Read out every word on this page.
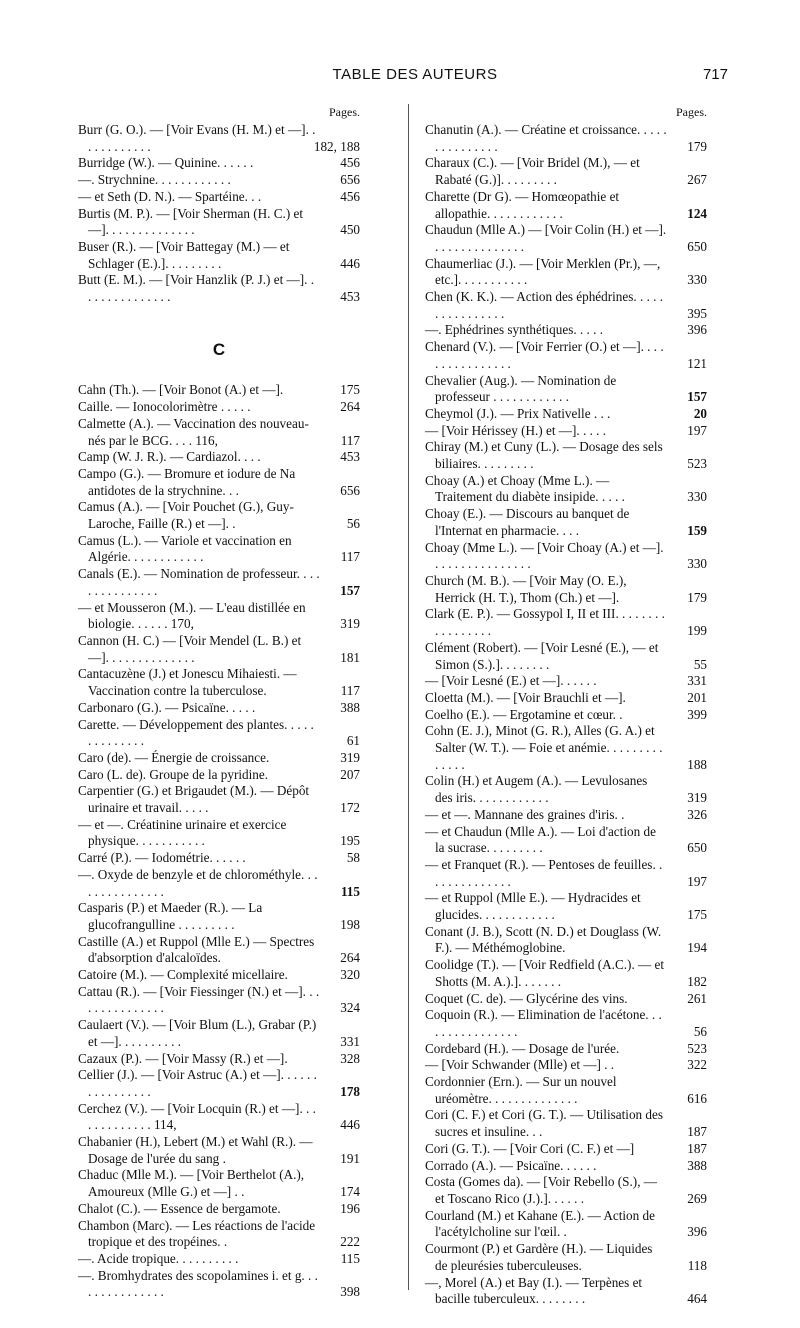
TABLE DES AUTEURS	717
Pages.

Burr (G. O.). — [Voir Evans (H. M.) et —]. . . . . . . . . . . .	182, 188

Burridge (W.). — Quinine. . . . . .	456

—. Strychnine. . . . . . . . . . . .	656

— et Seth (D. N.). — Spartéine. . .	456

Burtis (M. P.). — [Voir Sherman (H. C.) et —]. . . . . . . . . . . . . .	450

Buser (R.). — [Voir Battegay (M.) — et Schlager (E.).]. . . . . . . . .	446

Butt (E. M.). — [Voir Hanzlik (P. J.) et —]. . . . . . . . . . . . . . .	453

C

Cahn (Th.). — [Voir Bonot (A.) et —].	175

Caille. — Ionocolorimètre . . . . .	264

Calmette (A.). — Vaccination des nouveau-nés par le BCG. . . . 116,	117

Camp (W. J. R.). — Cardiazol. . . .	453

Campo (G.). — Bromure et iodure de Na antidotes de la strychnine. . .	656

Camus (A.). — [Voir Pouchet (G.), Guy-Laroche, Faille (R.) et —]. .	56

Camus (L.). — Variole et vaccination en Algérie. . . . . . . . . . . .	117

Canals (E.). — Nomination de professeur. . . . . . . . . . . . . . .	157

— et Mousseron (M.). — L'eau distillée en biologie. . . . . . 170,	319

Cannon (H. C.) — [Voir Mendel (L. B.) et —]. . . . . . . . . . . . . .	181

Cantacuzène (J.) et Jonescu Mihaiesti. —Vaccination contre la tuberculose.	117

Carbonaro (G.). — Psicaïne. . . . .	388

Carette. — Développement des plantes. . . . . . . . . . . . . .	61

Caro (de). — Énergie de croissance.	319

Caro (L. de). Groupe de la pyridine.	207

Carpentier (G.) et Brigaudet (M.). — Dépôt urinaire et travail. . . . .	172

— et —. Créatinine urinaire et exercice physique. . . . . . . . . . .	195

Carré (P.). — Iodométrie. . . . . .	58

—. Oxyde de benzyle et de chlorométhyle. . . . . . . . . . . . . . .	115

Casparis (P.) et Maeder (R.). — La glucofrangulline . . . . . . . . .	198

Castille (A.) et Ruppol (Mlle E.) — Spectres d'absorption d'alcaloïdes.	264

Catoire (M.). — Complexité micellaire.	320

Cattau (R.). — [Voir Fiessinger (N.) et —]. . . . . . . . . . . . . . .	324

Caulaert (V.). — [Voir Blum (L.), Grabar (P.) et —]. . . . . . . . . .	331

Cazaux (P.). — [Voir Massy (R.) et —].	328

Cellier (J.). — [Voir Astruc (A.) et —]. . . . . . . . . . . . . . . .	178

Cerchez (V.). — [Voir Locquin (R.) et —]. . . . . . . . . . . . . 114,	446

Chabanier (H.), Lebert (M.) et Wahl (R.). — Dosage de l'urée du sang .	191

Chaduc (Mlle M.). — [Voir Berthelot (A.), Amoureux (Mlle G.) et —] . .	174

Chalot (C.). — Essence de bergamote.	196

Chambon (Marc). — Les réactions de l'acide tropique et des tropéines. .	222

—. Acide tropique. . . . . . . . . .	115

—. Bromhydrates des scopolamines i. et g. . . . . . . . . . . . . . .	398

Pages.

Chanutin (A.). — Créatine et croissance. . . . . . . . . . . . . . .	179

Charaux (C.). — [Voir Bridel (M.), — et Rabaté (G.)]. . . . . . . . .	267

Charette (Dr G). — Homœopathie et allopathie. . . . . . . . . . . .	124

Chaudun (Mlle A.) — [Voir Colin (H.) et —]. . . . . . . . . . . . . . .	650

Chaumerliac (J.). — [Voir Merklen (Pr.), —, etc.]. . . . . . . . . . .	330

Chen (K. K.). — Action des éphédrines. . . . . . . . . . . . . . . .	395

—. Ephédrines synthétiques. . . . .	396

Chenard (V.). — [Voir Ferrier (O.) et —]. . . . . . . . . . . . . . . .	121

Chevalier (Aug.). — Nomination de professeur . . . . . . . . . . . .	157

Cheymol (J.). — Prix Nativelle . . .	20

— [Voir Hérissey (H.) et —]. . . . .	197

Chiray (M.) et Cuny (L.). — Dosage des sels biliaires. . . . . . . . .	523

Choay (A.) et Choay (Mme L.). — Traitement du diabète insipide. . . . .	330

Choay (E.). — Discours au banquet de l'Internat en pharmacie. . . .	159

Choay (Mme L.). — [Voir Choay (A.) et —]. . . . . . . . . . . . . . . .	330

Church (M. B.). — [Voir May (O. E.), Herrick (H. T.), Thom (Ch.) et —].	179

Clark (E. P.). — Gossypol I, II et III. . . . . . . . . . . . . . . . .	199

Clément (Robert). — [Voir Lesné (E.), — et Simon (S.).]. . . . . . . .	55

— [Voir Lesné (E.) et —]. . . . . .	331

Cloetta (M.). — [Voir Brauchli et —].	201

Coelho (E.). — Ergotamine et cœur. .	399

Cohn (E. J.), Minot (G. R.), Alles (G. A.) et Salter (W. T.). — Foie et anémie. . . . . . . . . . . . . .	188

Colin (H.) et Augem (A.). — Levulosanes des iris. . . . . . . . . . . .	319

— et —. Mannane des graines d'iris. .	326

— et Chaudun (Mlle A.). — Loi d'action de la sucrase. . . . . . . . .	650

— et Franquet (R.). — Pentoses de feuilles. . . . . . . . . . . . . .	197

— et Ruppol (Mlle E.). — Hydracides et glucides. . . . . . . . . . . .	175

Conant (J. B.), Scott (N. D.) et Douglass (W. F.). — Méthémoglobine.	194

Coolidge (T.). — [Voir Redfield (A.C.). — et Shotts (M. A.).]. . . . . . .	182

Coquet (C. de). — Glycérine des vins.	261

Coquoin (R.). — Elimination de l'acétone. . . . . . . . . . . . . . . .	56

Cordebard (H.). — Dosage de l'urée.	523

— [Voir Schwander (Mlle) et —] . .	322

Cordonnier (Ern.). — Sur un nouvel uréomètre. . . . . . . . . . . . . .	616

Cori (C. F.) et Cori (G. T.). — Utilisation des sucres et insuline. . .	187

Cori (G. T.). — [Voir Cori (C. F.) et —]	187

Corrado (A.). — Psicaïne. . . . . .	388

Costa (Gomes da). — [Voir Rebello (S.), — et Toscano Rico (J.).]. . . . . .	269

Courland (M.) et Kahane (E.). — Action de l'acétylcholine sur l'œil. .	396

Courmont (P.) et Gardère (H.). — Liquides de pleurésies tuberculeuses.	118

—, Morel (A.) et Bay (I.). — Terpènes et bacille tuberculeux. . . . . . . .	464
